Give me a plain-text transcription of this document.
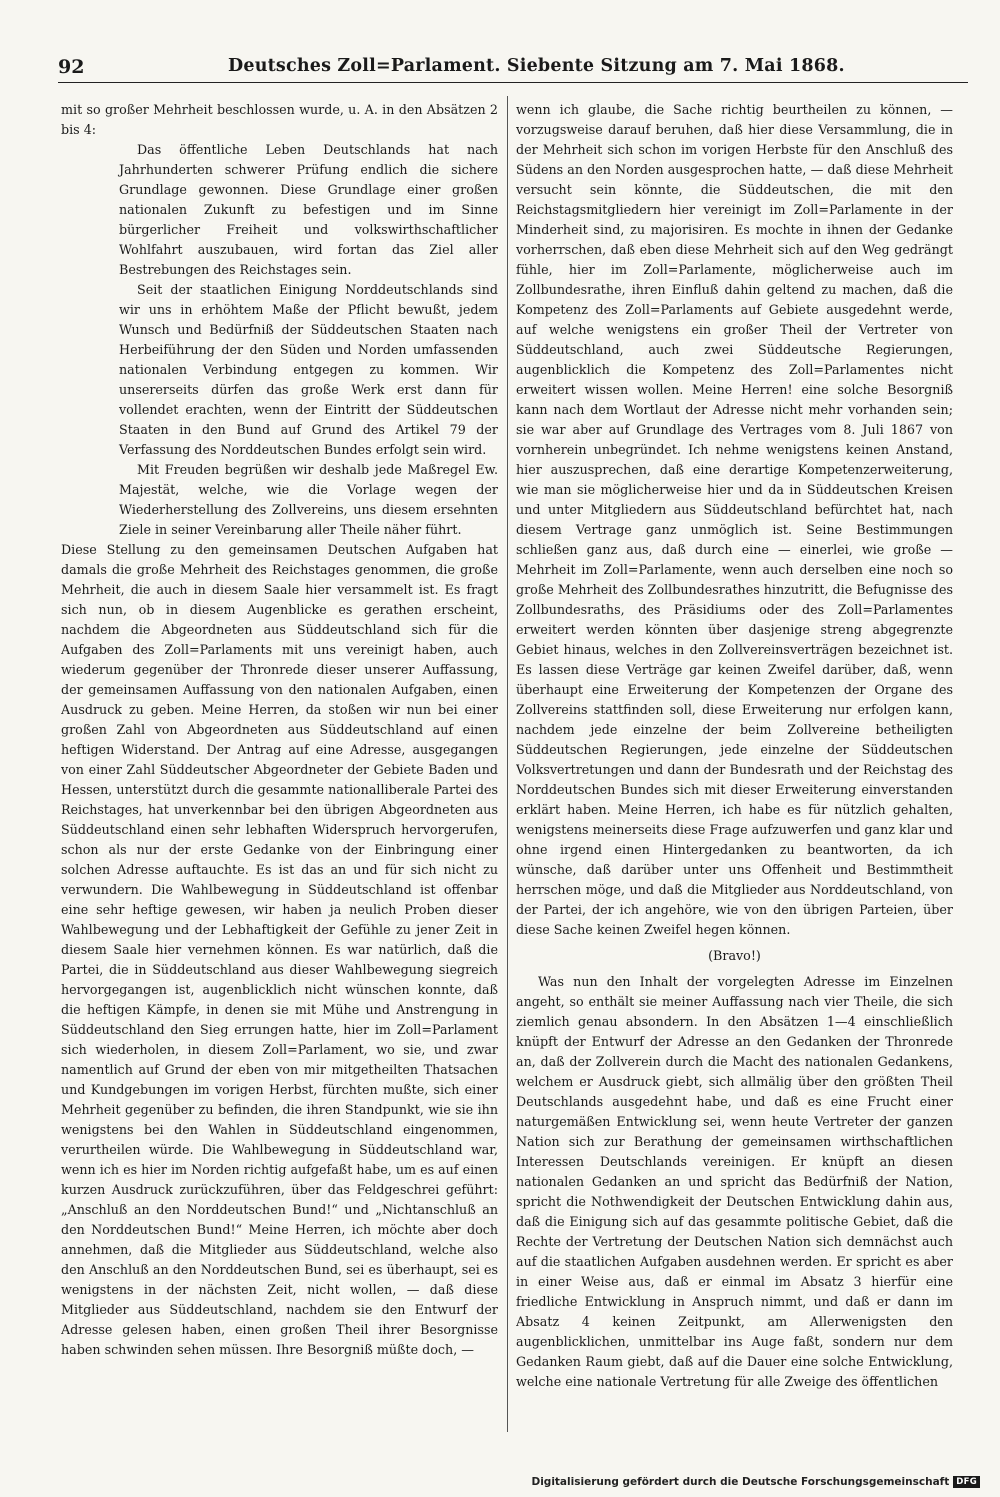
92	Deutsches Zoll=Parlament. Siebente Sitzung am 7. Mai 1868.

mit so großer Mehrheit beschlossen wurde, u. A. in den Absätzen 2 bis 4:

Das öffentliche Leben Deutschlands hat nach Jahrhunderten schwerer Prüfung endlich die sichere Grundlage gewonnen. Diese Grundlage einer großen nationalen Zukunft zu befestigen und im Sinne bürgerlicher Freiheit und volkswirthschaftlicher Wohlfahrt auszubauen, wird fortan das Ziel aller Bestrebungen des Reichstages sein.

Seit der staatlichen Einigung Norddeutschlands sind wir uns in erhöhtem Maße der Pflicht bewußt, jedem Wunsch und Bedürfniß der Süddeutschen Staaten nach Herbeiführung der den Süden und Norden umfassenden nationalen Verbindung entgegen zu kommen. Wir unsererseits dürfen das große Werk erst dann für vollendet erachten, wenn der Eintritt der Süddeutschen Staaten in den Bund auf Grund des Artikel 79 der Verfassung des Norddeutschen Bundes erfolgt sein wird.

Mit Freuden begrüßen wir deshalb jede Maßregel Ew. Majestät, welche, wie die Vorlage wegen der Wiederherstellung des Zollvereins, uns diesem ersehnten Ziele in seiner Vereinbarung aller Theile näher führt.

Diese Stellung zu den gemeinsamen Deutschen Aufgaben hat damals die große Mehrheit des Reichstages genommen, die große Mehrheit, die auch in diesem Saale hier versammelt ist. Es fragt sich nun, ob in diesem Augenblicke es gerathen erscheint, nachdem die Abgeordneten aus Süddeutschland sich für die Aufgaben des Zoll=Parlaments mit uns vereinigt haben, auch wiederum gegenüber der Thronrede dieser unserer Auffassung, der gemeinsamen Auffassung von den nationalen Aufgaben, einen Ausdruck zu geben. Meine Herren, da stoßen wir nun bei einer großen Zahl von Abgeordneten aus Süddeutschland auf einen heftigen Widerstand. Der Antrag auf eine Adresse, ausgegangen von einer Zahl Süddeutscher Abgeordneter der Gebiete Baden und Hessen, unterstützt durch die gesammte nationalliberale Partei des Reichstages, hat unverkennbar bei den übrigen Abgeordneten aus Süddeutschland einen sehr lebhaften Widerspruch hervorgerufen, schon als nur der erste Gedanke von der Einbringung einer solchen Adresse auftauchte. Es ist das an und für sich nicht zu verwundern. Die Wahlbewegung in Süddeutschland ist offenbar eine sehr heftige gewesen, wir haben ja neulich Proben dieser Wahlbewegung und der Lebhaftigkeit der Gefühle zu jener Zeit in diesem Saale hier vernehmen können. Es war natürlich, daß die Partei, die in Süddeutschland aus dieser Wahlbewegung siegreich hervorgegangen ist, augenblicklich nicht wünschen konnte, daß die heftigen Kämpfe, in denen sie mit Mühe und Anstrengung in Süddeutschland den Sieg errungen hatte, hier im Zoll=Parlament sich wiederholen, in diesem Zoll=Parlament, wo sie, und zwar namentlich auf Grund der eben von mir mitgetheilten Thatsachen und Kundgebungen im vorigen Herbst, fürchten mußte, sich einer Mehrheit gegenüber zu befinden, die ihren Standpunkt, wie sie ihn wenigstens bei den Wahlen in Süddeutschland eingenommen, verurtheilen würde. Die Wahlbewegung in Süddeutschland war, wenn ich es hier im Norden richtig aufgefaßt habe, um es auf einen kurzen Ausdruck zurückzuführen, über das Feldgeschrei geführt: „Anschluß an den Norddeutschen Bund!“ und „Nichtanschluß an den Norddeutschen Bund!“ Meine Herren, ich möchte aber doch annehmen, daß die Mitglieder aus Süddeutschland, welche also den Anschluß an den Norddeutschen Bund, sei es überhaupt, sei es wenigstens in der nächsten Zeit, nicht wollen, — daß diese Mitglieder aus Süddeutschland, nachdem sie den Entwurf der Adresse gelesen haben, einen großen Theil ihrer Besorgnisse haben schwinden sehen müssen. Ihre Besorgniß müßte doch, —

wenn ich glaube, die Sache richtig beurtheilen zu können, — vorzugsweise darauf beruhen, daß hier diese Versammlung, die in der Mehrheit sich schon im vorigen Herbste für den Anschluß des Südens an den Norden ausgesprochen hatte, — daß diese Mehrheit versucht sein könnte, die Süddeutschen, die mit den Reichstagsmitgliedern hier vereinigt im Zoll=Parlamente in der Minderheit sind, zu majorisiren. Es mochte in ihnen der Gedanke vorherrschen, daß eben diese Mehrheit sich auf den Weg gedrängt fühle, hier im Zoll=Parlamente, möglicherweise auch im Zollbundesrathe, ihren Einfluß dahin geltend zu machen, daß die Kompetenz des Zoll=Parlaments auf Gebiete ausgedehnt werde, auf welche wenigstens ein großer Theil der Vertreter von Süddeutschland, auch zwei Süddeutsche Regierungen, augenblicklich die Kompetenz des Zoll=Parlamentes nicht erweitert wissen wollen. Meine Herren! eine solche Besorgniß kann nach dem Wortlaut der Adresse nicht mehr vorhanden sein; sie war aber auf Grundlage des Vertrages vom 8. Juli 1867 von vornherein unbegründet. Ich nehme wenigstens keinen Anstand, hier auszusprechen, daß eine derartige Kompetenzerweiterung, wie man sie möglicherweise hier und da in Süddeutschen Kreisen und unter Mitgliedern aus Süddeutschland befürchtet hat, nach diesem Vertrage ganz unmöglich ist. Seine Bestimmungen schließen ganz aus, daß durch eine — einerlei, wie große — Mehrheit im Zoll=Parlamente, wenn auch derselben eine noch so große Mehrheit des Zollbundesrathes hinzutritt, die Befugnisse des Zollbundesraths, des Präsidiums oder des Zoll=Parlamentes erweitert werden könnten über dasjenige streng abgegrenzte Gebiet hinaus, welches in den Zollvereinsverträgen bezeichnet ist. Es lassen diese Verträge gar keinen Zweifel darüber, daß, wenn überhaupt eine Erweiterung der Kompetenzen der Organe des Zollvereins stattfinden soll, diese Erweiterung nur erfolgen kann, nachdem jede einzelne der beim Zollvereine betheiligten Süddeutschen Regierungen, jede einzelne der Süddeutschen Volksvertretungen und dann der Bundesrath und der Reichstag des Norddeutschen Bundes sich mit dieser Erweiterung einverstanden erklärt haben. Meine Herren, ich habe es für nützlich gehalten, wenigstens meinerseits diese Frage aufzuwerfen und ganz klar und ohne irgend einen Hintergedanken zu beantworten, da ich wünsche, daß darüber unter uns Offenheit und Bestimmtheit herrschen möge, und daß die Mitglieder aus Norddeutschland, von der Partei, der ich angehöre, wie von den übrigen Parteien, über diese Sache keinen Zweifel hegen können.

(Bravo!)

Was nun den Inhalt der vorgelegten Adresse im Einzelnen angeht, so enthält sie meiner Auffassung nach vier Theile, die sich ziemlich genau absondern. In den Absätzen 1—4 einschließlich knüpft der Entwurf der Adresse an den Gedanken der Thronrede an, daß der Zollverein durch die Macht des nationalen Gedankens, welchem er Ausdruck giebt, sich allmälig über den größten Theil Deutschlands ausgedehnt habe, und daß es eine Frucht einer naturgemäßen Entwicklung sei, wenn heute Vertreter der ganzen Nation sich zur Berathung der gemeinsamen wirthschaftlichen Interessen Deutschlands vereinigen. Er knüpft an diesen nationalen Gedanken an und spricht das Bedürfniß der Nation, spricht die Nothwendigkeit der Deutschen Entwicklung dahin aus, daß die Einigung sich auf das gesammte politische Gebiet, daß die Rechte der Vertretung der Deutschen Nation sich demnächst auch auf die staatlichen Aufgaben ausdehnen werden. Er spricht es aber in einer Weise aus, daß er einmal im Absatz 3 hierfür eine friedliche Entwicklung in Anspruch nimmt, und daß er dann im Absatz 4 keinen Zeitpunkt, am Allerwenigsten den augenblicklichen, unmittelbar ins Auge faßt, sondern nur dem Gedanken Raum giebt, daß auf die Dauer eine solche Entwicklung, welche eine nationale Vertretung für alle Zweige des öffentlichen

Digitalisierung gefördert durch die Deutsche Forschungsgemeinschaft DFG
